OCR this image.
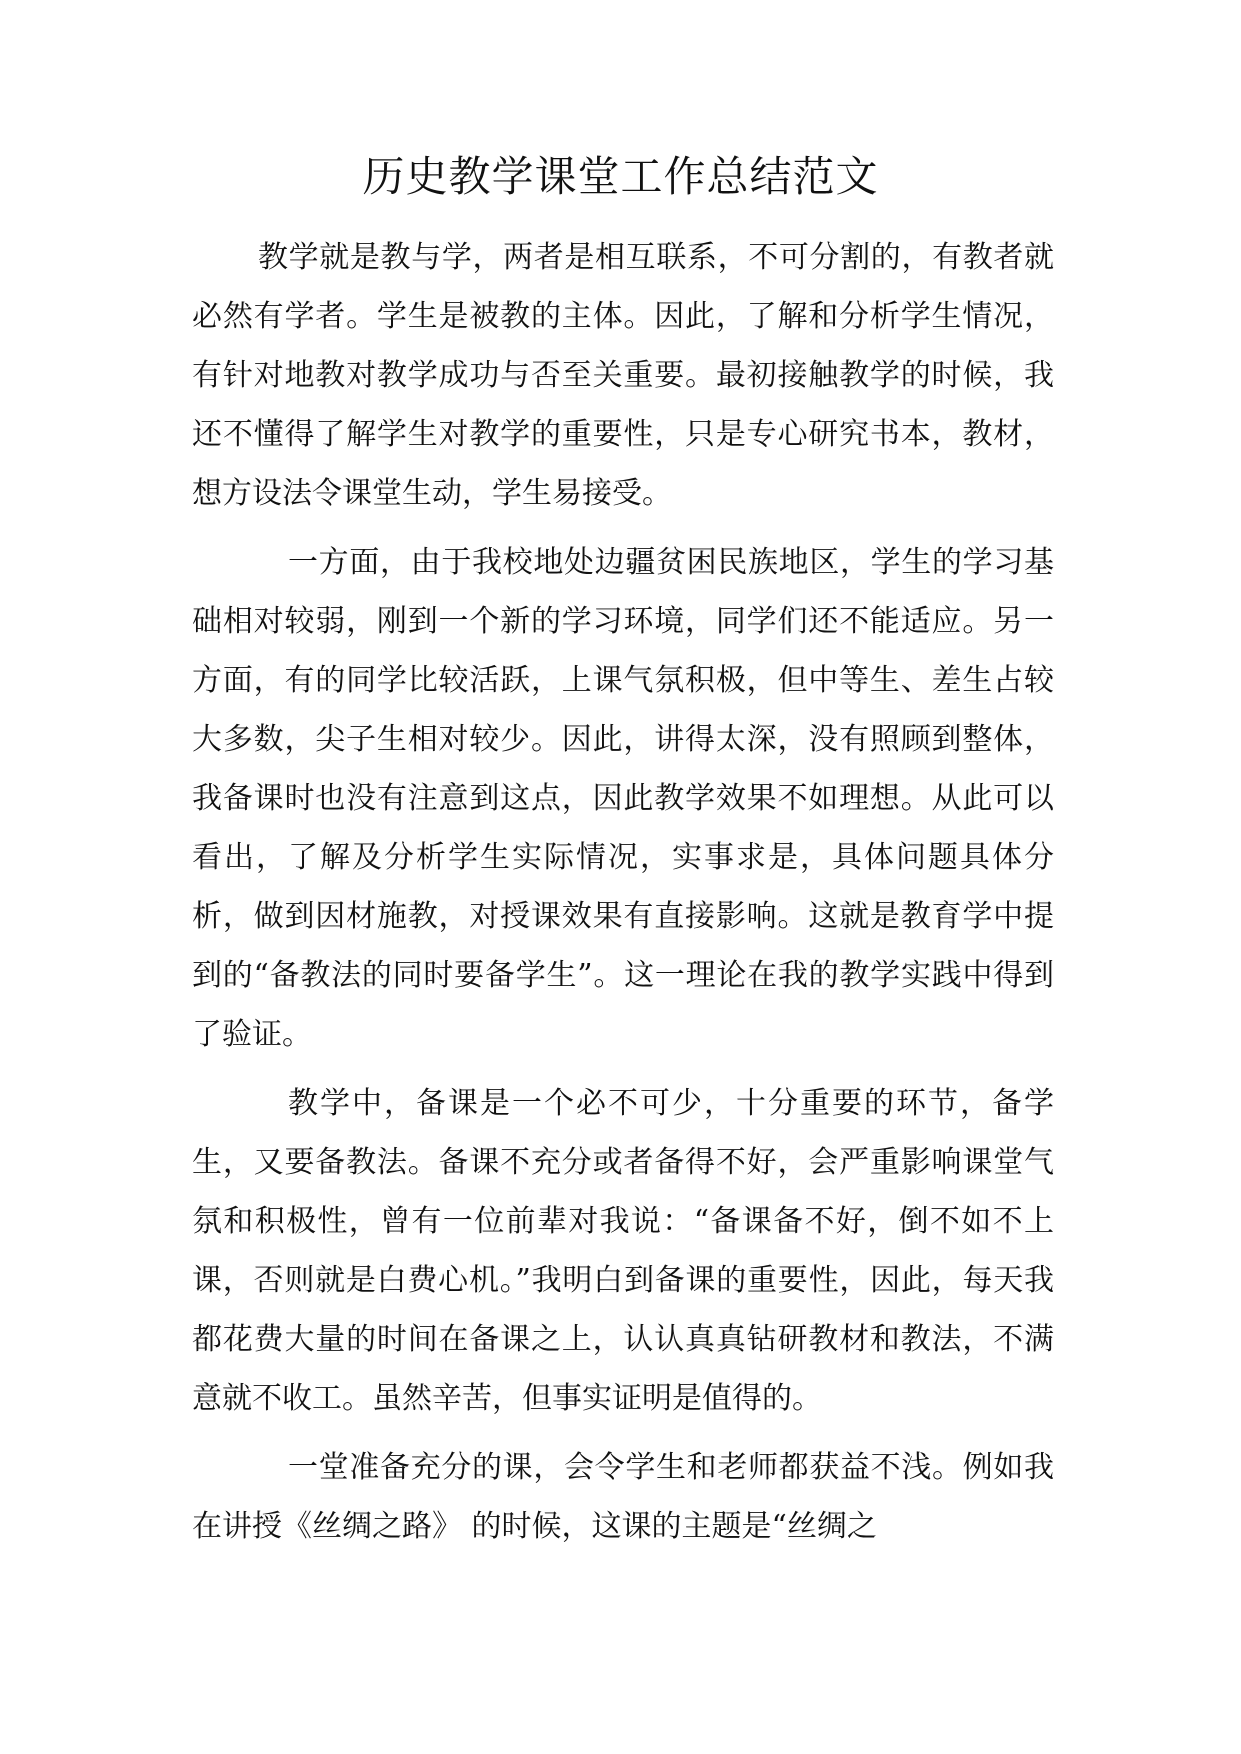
历史教学课堂工作总结范文

教学就是教与学，两者是相互联系，不可分割的，有教者就必然有学者。学生是被教的主体。因此，了解和分析学生情况，有针对地教对教学成功与否至关重要。最初接触教学的时候，我还不懂得了解学生对教学的重要性，只是专心研究书本，教材，想方设法令课堂生动，学生易接受。

一方面，由于我校地处边疆贫困民族地区，学生的学习基础相对较弱，刚到一个新的学习环境，同学们还不能适应。另一方面，有的同学比较活跃，上课气氛积极，但中等生、差生占较大多数，尖子生相对较少。因此，讲得太深，没有照顾到整体，我备课时也没有注意到这点，因此教学效果不如理想。从此可以看出，了解及分析学生实际情况，实事求是，具体问题具体分析，做到因材施教，对授课效果有直接影响。这就是教育学中提到的“备教法的同时要备学生”。这一理论在我的教学实践中得到了验证。

教学中，备课是一个必不可少，十分重要的环节，备学生，又要备教法。备课不充分或者备得不好，会严重影响课堂气氛和积极性，曾有一位前辈对我说：“备课备不好，倒不如不上课，否则就是白费心机。”我明白到备课的重要性，因此，每天我都花费大量的时间在备课之上，认认真真钻研教材和教法，不满意就不收工。虽然辛苦，但事实证明是值得的。

一堂准备充分的课，会令学生和老师都获益不浅。例如我在讲授《丝绸之路》 的时候，这课的主题是“丝绸之
